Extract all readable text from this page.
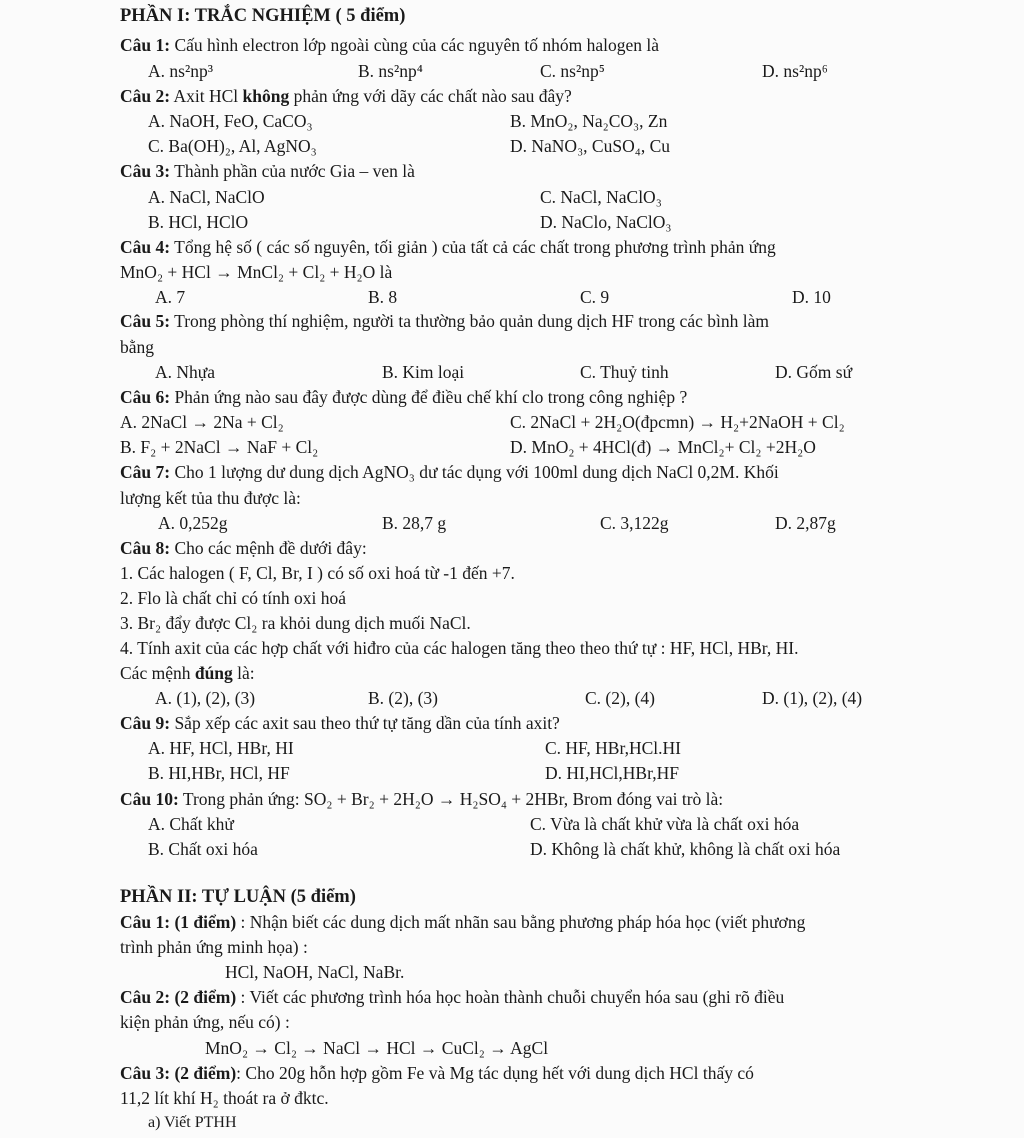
PHẦN I: TRẮC NGHIỆM ( 5 điểm)
Câu 1: Cấu hình electron lớp ngoài cùng của các nguyên tố nhóm halogen là
A. ns²np³	B. ns²np⁴	C. ns²np⁵	D. ns²np⁶
Câu 2: Axit HCl không phản ứng với dãy các chất nào sau đây?
A. NaOH, FeO, CaCO₃	B. MnO₂, Na₂CO₃, Zn
C. Ba(OH)₂, Al, AgNO₃	D. NaNO₃, CuSO₄, Cu
Câu 3: Thành phần của nước Gia – ven là
A. NaCl, NaClO	C. NaCl, NaClO₃
B. HCl, HClO	D. NaClo, NaClO₃
Câu 4: Tổng hệ số ( các số nguyên, tối giản ) của tất cả các chất trong phương trình phản ứng
MnO₂ + HCl → MnCl₂ + Cl₂ + H₂O là
A. 7	B. 8	C. 9	D. 10
Câu 5: Trong phòng thí nghiệm, người ta thường bảo quản dung dịch HF trong các bình làm
bằng
A. Nhựa	B. Kim loại	C. Thuỷ tinh	D. Gốm sứ
Câu 6: Phản ứng nào sau đây được dùng để điều chế khí clo trong công nghiệp ?
A. 2NaCl → 2Na + Cl₂	C. 2NaCl + 2H₂O(đpcmn) → H₂+2NaOH + Cl₂
B. F₂ + 2NaCl → NaF + Cl₂	D. MnO₂ + 4HCl(đ) → MnCl₂+ Cl₂ +2H₂O
Câu 7: Cho 1 lượng dư dung dịch AgNO₃ dư tác dụng với 100ml dung dịch NaCl 0,2M. Khối
lượng kết tủa thu được là:
A. 0,252g	B. 28,7 g	C. 3,122g	D. 2,87g
Câu 8: Cho các mệnh đề dưới đây:
1. Các halogen ( F, Cl, Br, I ) có số oxi hoá từ -1 đến +7.
2. Flo là chất chỉ có tính oxi hoá
3. Br₂ đẩy được Cl₂ ra khỏi dung dịch muối NaCl.
4. Tính axit của các hợp chất với hiđro của các halogen tăng theo theo thứ tự : HF, HCl, HBr, HI.
Các mệnh đúng là:
A. (1), (2), (3)	B. (2), (3)	C. (2), (4)	D. (1), (2), (4)
Câu 9: Sắp xếp các axit sau theo thứ tự tăng dần của tính axit?
A. HF, HCl, HBr, HI	C. HF, HBr,HCl.HI
B. HI,HBr, HCl, HF	D. HI,HCl,HBr,HF
Câu 10: Trong phản ứng: SO₂ + Br₂ + 2H₂O → H₂SO₄ + 2HBr, Brom đóng vai trò là:
A. Chất khử	C. Vừa là chất khử vừa là chất oxi hóa
B. Chất oxi hóa	D. Không là chất khử, không là chất oxi hóa
PHẦN II: TỰ LUẬN (5 điểm)
Câu 1: (1 điểm) : Nhận biết các dung dịch mất nhãn sau bằng phương pháp hóa học (viết phương
trình phản ứng minh họa) :
HCl, NaOH, NaCl, NaBr.
Câu 2: (2 điểm) : Viết các phương trình hóa học hoàn thành chuỗi chuyển hóa sau (ghi rõ điều
kiện phản ứng, nếu có) :
MnO₂ → Cl₂ → NaCl → HCl → CuCl₂ → AgCl
Câu 3: (2 điểm): Cho 20g hỗn hợp gồm Fe và Mg tác dụng hết với dung dịch HCl thấy có
11,2 lít khí H₂ thoát ra ở đktc.
a) Viết PTHH
